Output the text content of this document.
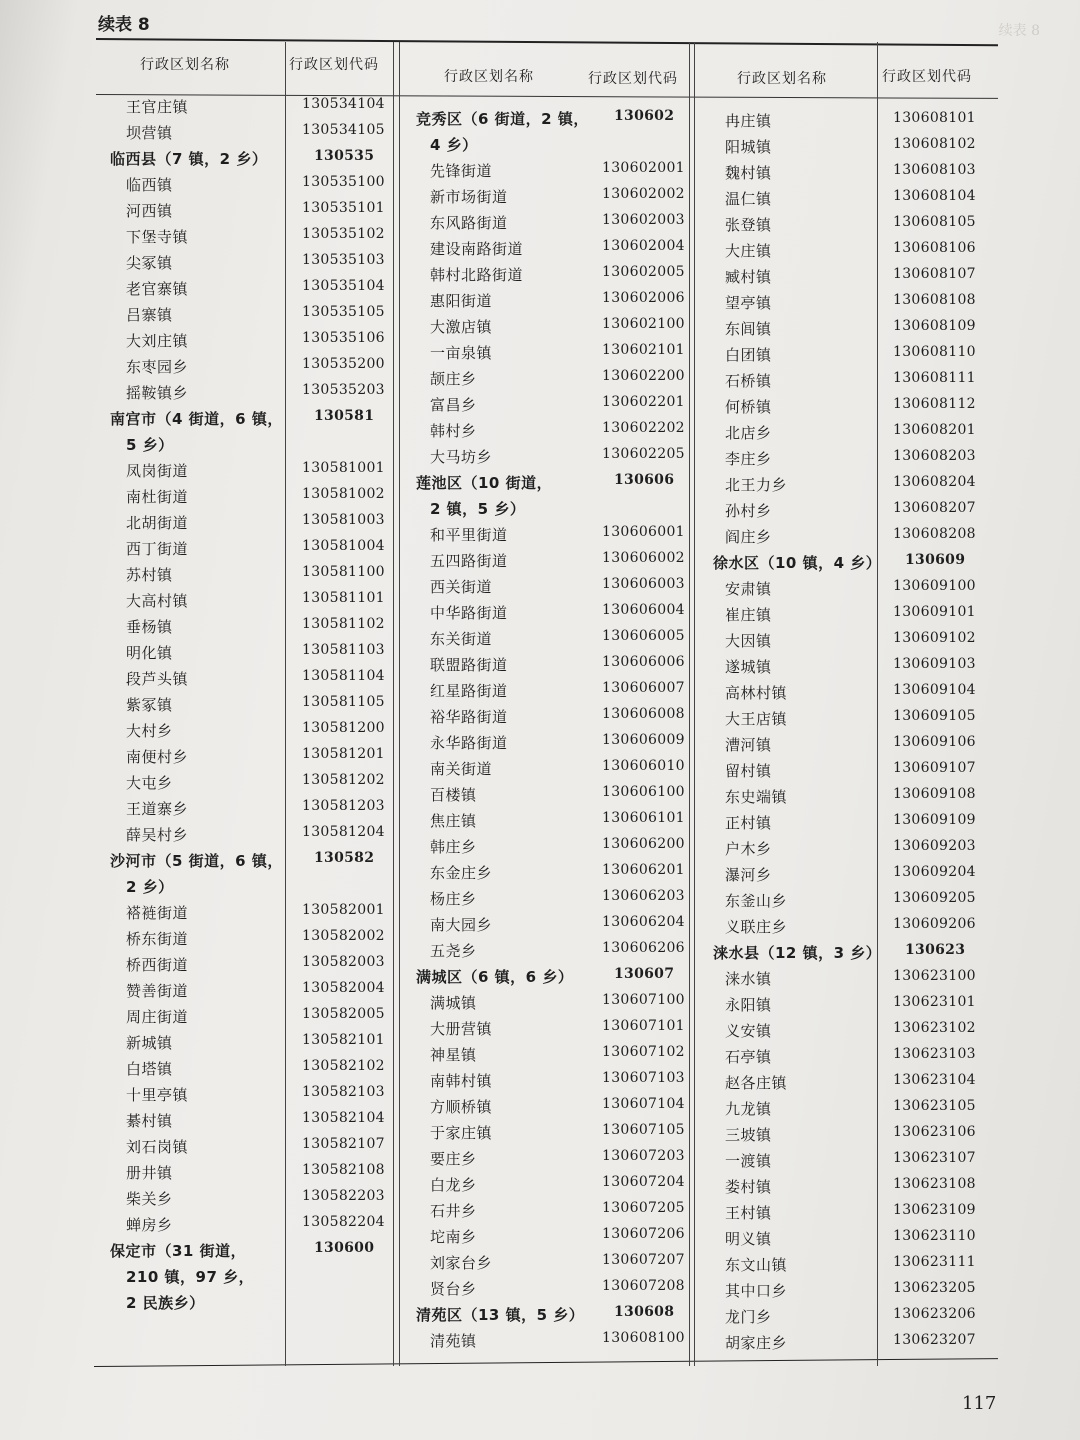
续表 8
续表 8
行政区划名称	行政区划代码
行政区划名称	行政区划代码	行政区划名称	行政区划代码
王官庄镇	130534104
坝营镇	130534105
临西县（7 镇，2 乡）	130535
临西镇	130535100
河西镇	130535101
下堡寺镇	130535102
尖冢镇	130535103
老官寨镇	130535104
吕寨镇	130535105
大刘庄镇	130535106
东枣园乡	130535200
摇鞍镇乡	130535203
南宫市（4 街道，6 镇， 130581
5 乡）
凤岗街道	130581001
南杜街道	130581002
北胡街道	130581003
西丁街道	130581004
苏村镇	130581100
大高村镇	130581101
垂杨镇	130581102
明化镇	130581103
段芦头镇	130581104
紫冢镇	130581105
大村乡	130581200
南便村乡	130581201
大屯乡	130581202
王道寨乡	130581203
薛吴村乡	130581204
沙河市（5 街道，6 镇， 130582
2 乡）
褡裢街道	130582001
桥东街道	130582002
桥西街道	130582003
赞善街道	130582004
周庄街道	130582005
新城镇	130582101
白塔镇	130582102
十里亭镇	130582103
綦村镇	130582104
刘石岗镇	130582107
册井镇	130582108
柴关乡	130582203
蝉房乡	130582204
保定市（31 街道，	130600
210 镇，97 乡，
2 民族乡）
竞秀区（6 街道，2 镇， 130602
4 乡）
先锋街道	130602001
新市场街道	130602002
东风路街道	130602003
建设南路街道	130602004
韩村北路街道	130602005
惠阳街道	130602006
大激店镇	130602100
一亩泉镇	130602101
颉庄乡	130602200
富昌乡	130602201
韩村乡	130602202
大马坊乡	130602205
莲池区（10 街道，	130606
2 镇，5 乡）
和平里街道	130606001
五四路街道	130606002
西关街道	130606003
中华路街道	130606004
东关街道	130606005
联盟路街道	130606006
红星路街道	130606007
裕华路街道	130606008
永华路街道	130606009
南关街道	130606010
百楼镇	130606100
焦庄镇	130606101
韩庄乡	130606200
东金庄乡	130606201
杨庄乡	130606203
南大园乡	130606204
五尧乡	130606206
满城区（6 镇，6 乡）	130607
满城镇	130607100
大册营镇	130607101
神星镇	130607102
南韩村镇	130607103
方顺桥镇	130607104
于家庄镇	130607105
要庄乡	130607203
白龙乡	130607204
石井乡	130607205
坨南乡	130607206
刘家台乡	130607207
贤台乡	130607208
清苑区（13 镇，5 乡） 130608
清苑镇	130608100
冉庄镇	130608101
阳城镇	130608102
魏村镇	130608103
温仁镇	130608104
张登镇	130608105
大庄镇	130608106
臧村镇	130608107
望亭镇	130608108
东闾镇	130608109
白团镇	130608110
石桥镇	130608111
何桥镇	130608112
北店乡	130608201
李庄乡	130608203
北王力乡	130608204
孙村乡	130608207
阎庄乡	130608208
徐水区（10 镇，4 乡） 130609
安肃镇	130609100
崔庄镇	130609101
大因镇	130609102
遂城镇	130609103
高林村镇	130609104
大王店镇	130609105
漕河镇	130609106
留村镇	130609107
东史端镇	130609108
正村镇	130609109
户木乡	130609203
瀑河乡	130609204
东釜山乡	130609205
义联庄乡	130609206
涞水县（12 镇，3 乡） 130623
涞水镇	130623100
永阳镇	130623101
义安镇	130623102
石亭镇	130623103
赵各庄镇	130623104
九龙镇	130623105
三坡镇	130623106
一渡镇	130623107
娄村镇	130623108
王村镇	130623109
明义镇	130623110
东文山镇	130623111
其中口乡	130623205
龙门乡	130623206
胡家庄乡	130623207
117
